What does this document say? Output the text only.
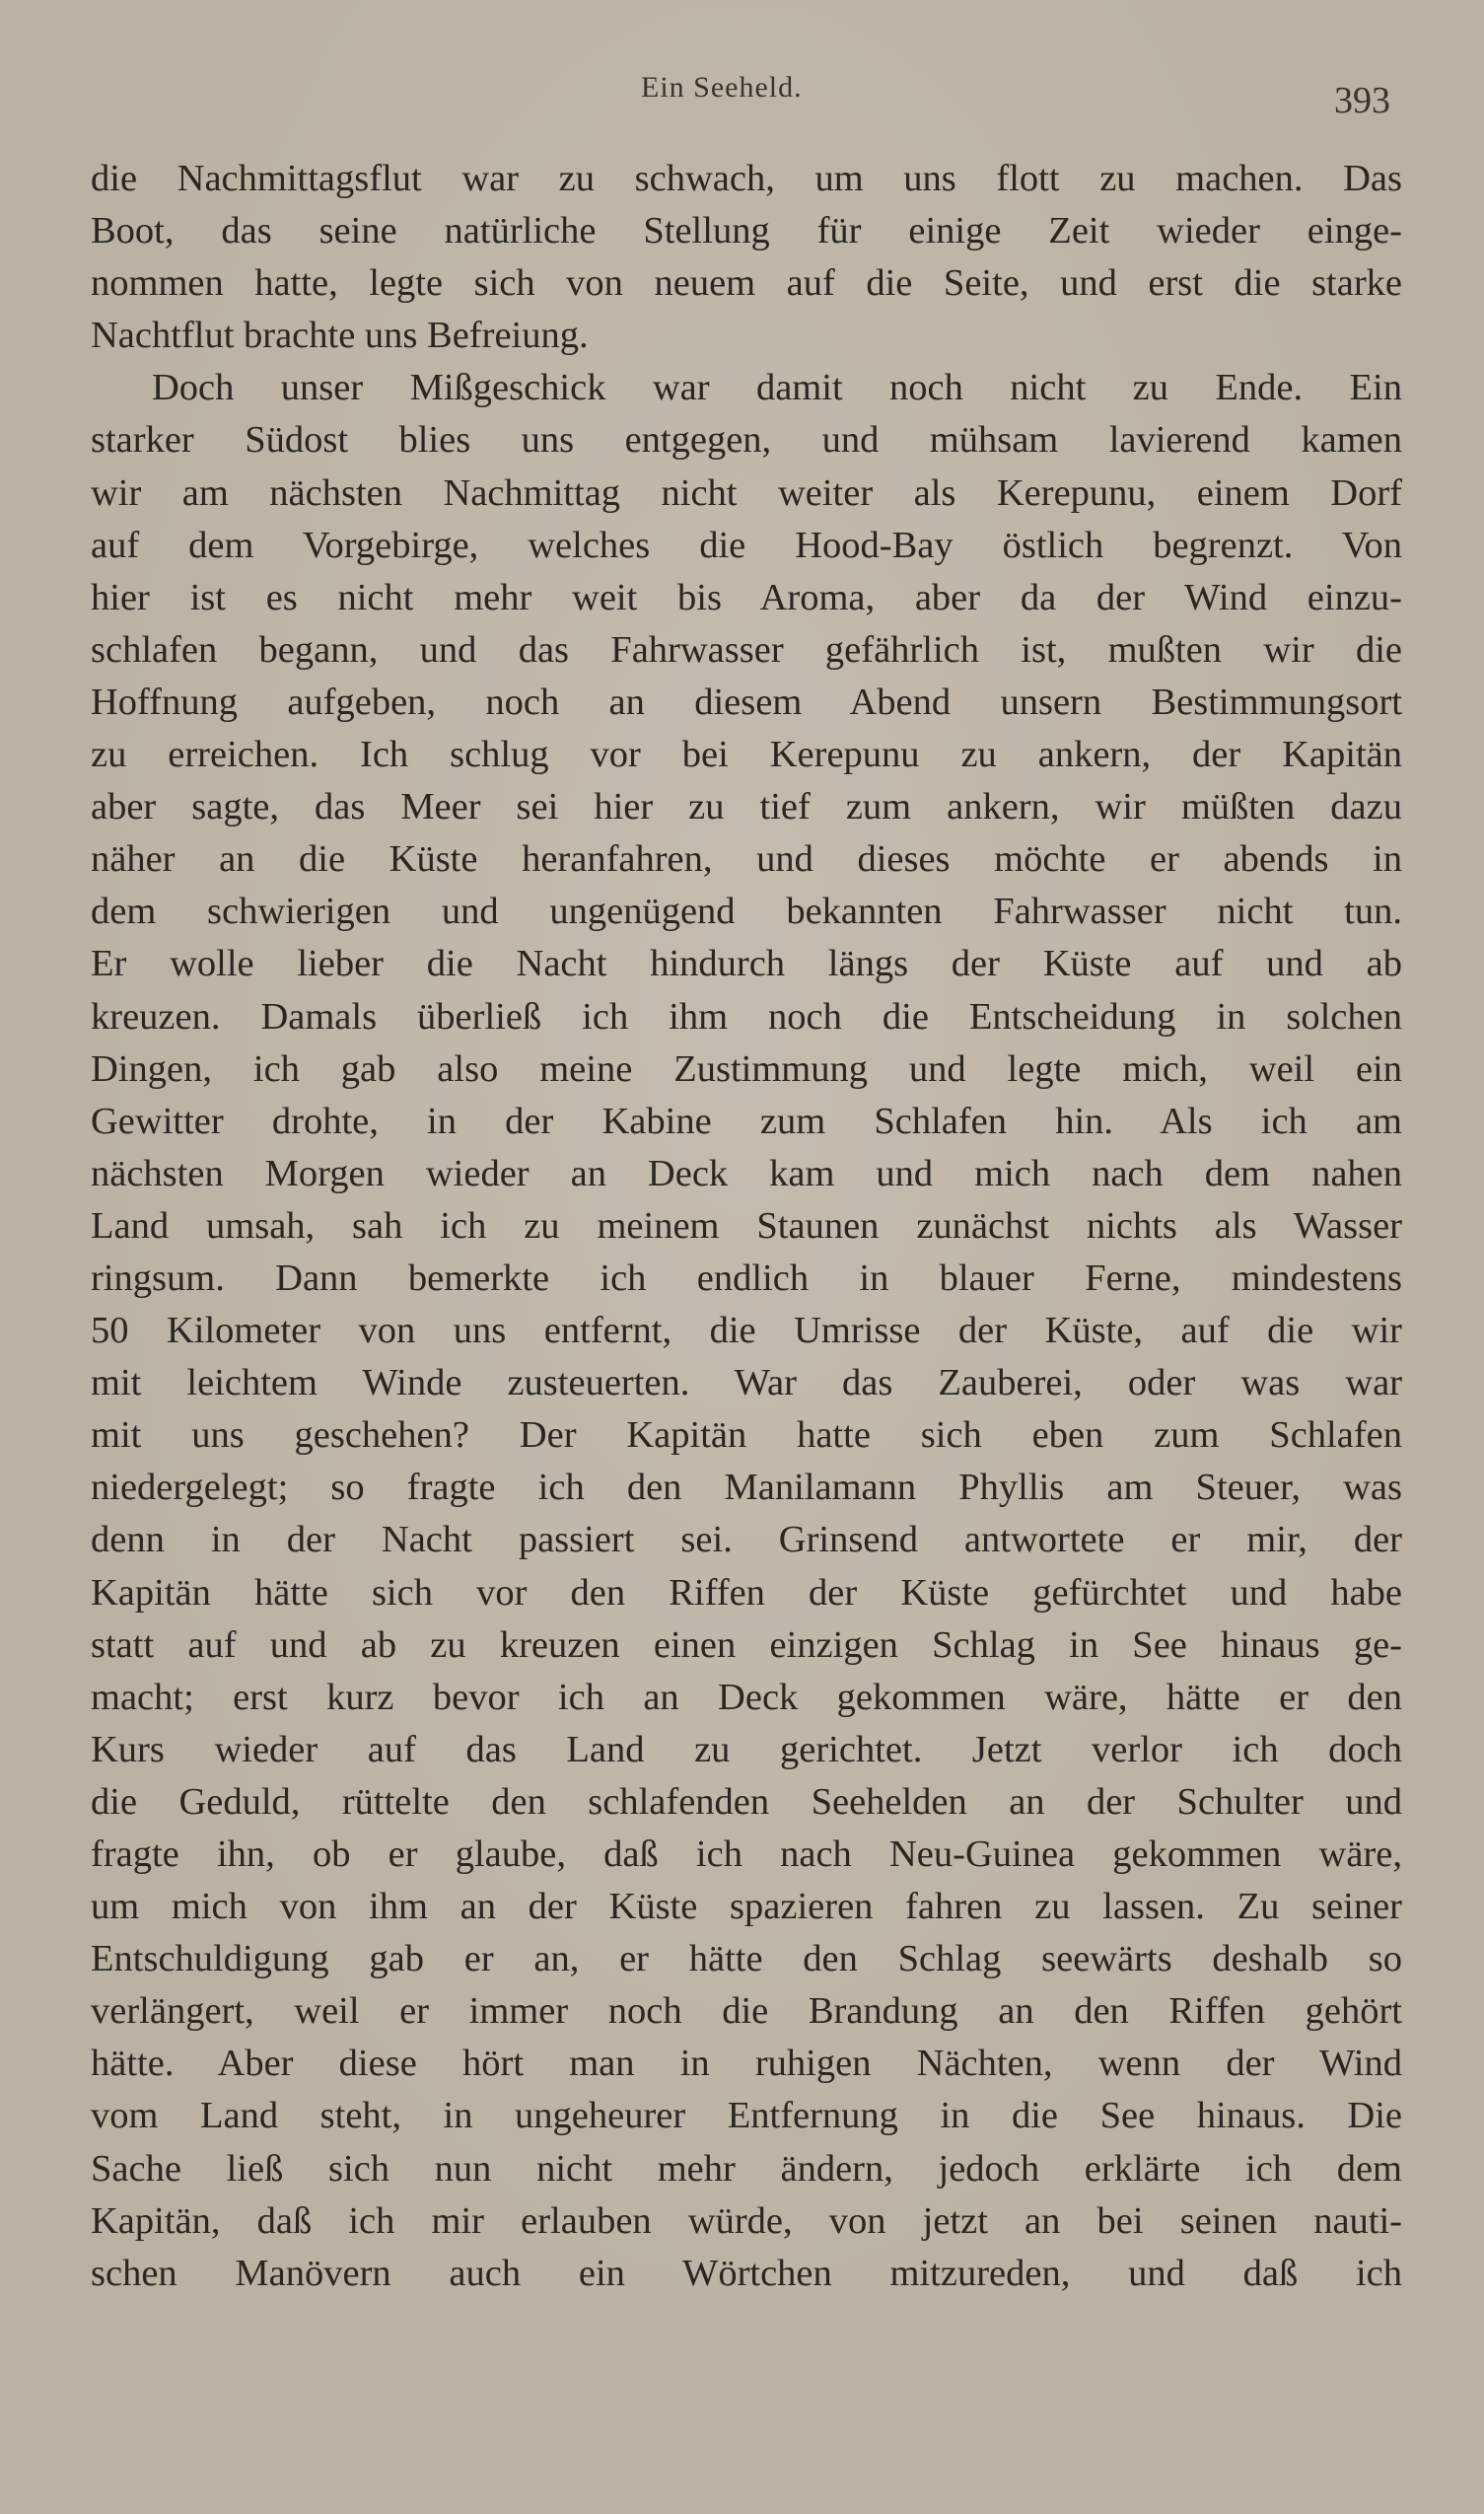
Ein Seeheld.	393
die Nachmittagsflut war zu schwach, um uns flott zu machen. Das
Boot, das seine natürliche Stellung für einige Zeit wieder einge-
nommen hatte, legte sich von neuem auf die Seite, und erst die starke
Nachtflut brachte uns Befreiung.
Doch unser Mißgeschick war damit noch nicht zu Ende. Ein
starker Südost blies uns entgegen, und mühsam lavierend kamen
wir am nächsten Nachmittag nicht weiter als Kerepunu, einem Dorf
auf dem Vorgebirge, welches die Hood-Bay östlich begrenzt. Von
hier ist es nicht mehr weit bis Aroma, aber da der Wind einzu-
schlafen begann, und das Fahrwasser gefährlich ist, mußten wir die
Hoffnung aufgeben, noch an diesem Abend unsern Bestimmungsort
zu erreichen. Ich schlug vor bei Kerepunu zu ankern, der Kapitän
aber sagte, das Meer sei hier zu tief zum ankern, wir müßten dazu
näher an die Küste heranfahren, und dieses möchte er abends in
dem schwierigen und ungenügend bekannten Fahrwasser nicht tun.
Er wolle lieber die Nacht hindurch längs der Küste auf und ab
kreuzen. Damals überließ ich ihm noch die Entscheidung in solchen
Dingen, ich gab also meine Zustimmung und legte mich, weil ein
Gewitter drohte, in der Kabine zum Schlafen hin. Als ich am
nächsten Morgen wieder an Deck kam und mich nach dem nahen
Land umsah, sah ich zu meinem Staunen zunächst nichts als Wasser
ringsum. Dann bemerkte ich endlich in blauer Ferne, mindestens
50 Kilometer von uns entfernt, die Umrisse der Küste, auf die wir
mit leichtem Winde zusteuerten. War das Zauberei, oder was war
mit uns geschehen? Der Kapitän hatte sich eben zum Schlafen
niedergelegt; so fragte ich den Manilamann Phyllis am Steuer, was
denn in der Nacht passiert sei. Grinsend antwortete er mir, der
Kapitän hätte sich vor den Riffen der Küste gefürchtet und habe
statt auf und ab zu kreuzen einen einzigen Schlag in See hinaus ge-
macht; erst kurz bevor ich an Deck gekommen wäre, hätte er den
Kurs wieder auf das Land zu gerichtet. Jetzt verlor ich doch
die Geduld, rüttelte den schlafenden Seehelden an der Schulter und
fragte ihn, ob er glaube, daß ich nach Neu-Guinea gekommen wäre,
um mich von ihm an der Küste spazieren fahren zu lassen. Zu seiner
Entschuldigung gab er an, er hätte den Schlag seewärts deshalb so
verlängert, weil er immer noch die Brandung an den Riffen gehört
hätte. Aber diese hört man in ruhigen Nächten, wenn der Wind
vom Land steht, in ungeheurer Entfernung in die See hinaus. Die
Sache ließ sich nun nicht mehr ändern, jedoch erklärte ich dem
Kapitän, daß ich mir erlauben würde, von jetzt an bei seinen nauti-
schen Manövern auch ein Wörtchen mitzureden, und daß ich
